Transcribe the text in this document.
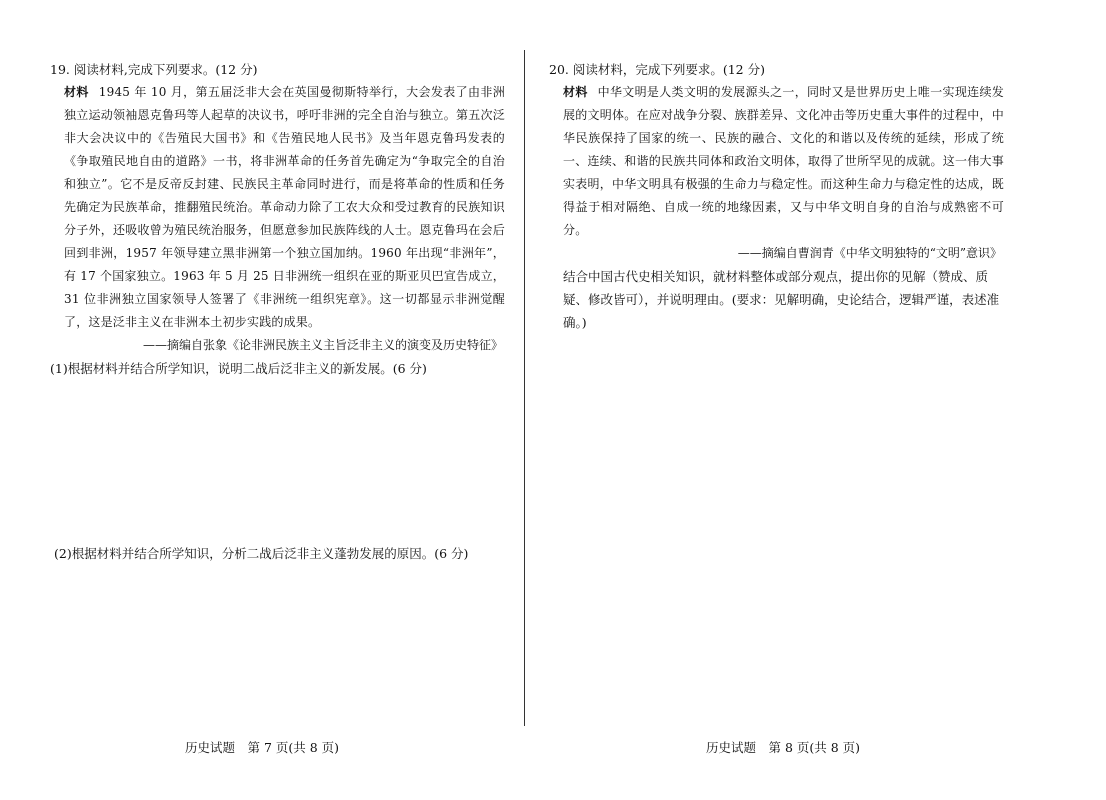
19. 阅读材料,完成下列要求。(12 分)

材料 1945 年 10 月，第五届泛非大会在英国曼彻斯特举行，大会发表了由非洲独立运动领袖恩克鲁玛等人起草的决议书，呼吁非洲的完全自治与独立。第五次泛非大会决议中的《告殖民大国书》和《告殖民地人民书》及当年恩克鲁玛发表的《争取殖民地自由的道路》一书，将非洲革命的任务首先确定为“争取完全的自治和独立”。它不是反帝反封建、民族民主革命同时进行，而是将革命的性质和任务先确定为民族革命，推翻殖民统治。革命动力除了工农大众和受过教育的民族知识分子外，还吸收曾为殖民统治服务，但愿意参加民族阵线的人士。恩克鲁玛在会后回到非洲，1957 年领导建立黑非洲第一个独立国加纳。1960 年出现“非洲年”，有 17 个国家独立。1963 年 5 月 25 日非洲统一组织在亚的斯亚贝巴宣告成立，31 位非洲独立国家领导人签署了《非洲统一组织宪章》。这一切都显示非洲觉醒了，这是泛非主义在非洲本土初步实践的成果。

——摘编自张象《论非洲民族主义主旨泛非主义的演变及历史特征》

(1)根据材料并结合所学知识，说明二战后泛非主义的新发展。(6 分)

(2)根据材料并结合所学知识，分析二战后泛非主义蓬勃发展的原因。(6 分)

20. 阅读材料，完成下列要求。(12 分)

材料 中华文明是人类文明的发展源头之一，同时又是世界历史上唯一实现连续发展的文明体。在应对战争分裂、族群差异、文化冲击等历史重大事件的过程中，中华民族保持了国家的统一、民族的融合、文化的和谐以及传统的延续，形成了统一、连续、和谐的民族共同体和政治文明体，取得了世所罕见的成就。这一伟大事实表明，中华文明具有极强的生命力与稳定性。而这种生命力与稳定性的达成，既得益于相对隔绝、自成一统的地缘因素，又与中华文明自身的自治与成熟密不可分。

——摘编自曹润青《中华文明独特的“文明”意识》

结合中国古代史相关知识，就材料整体或部分观点，提出你的见解（赞成、质疑、修改皆可），并说明理由。(要求：见解明确，史论结合，逻辑严谨，表述准确。)

历史试题　第 7 页(共 8 页)	历史试题　第 8 页(共 8 页)
